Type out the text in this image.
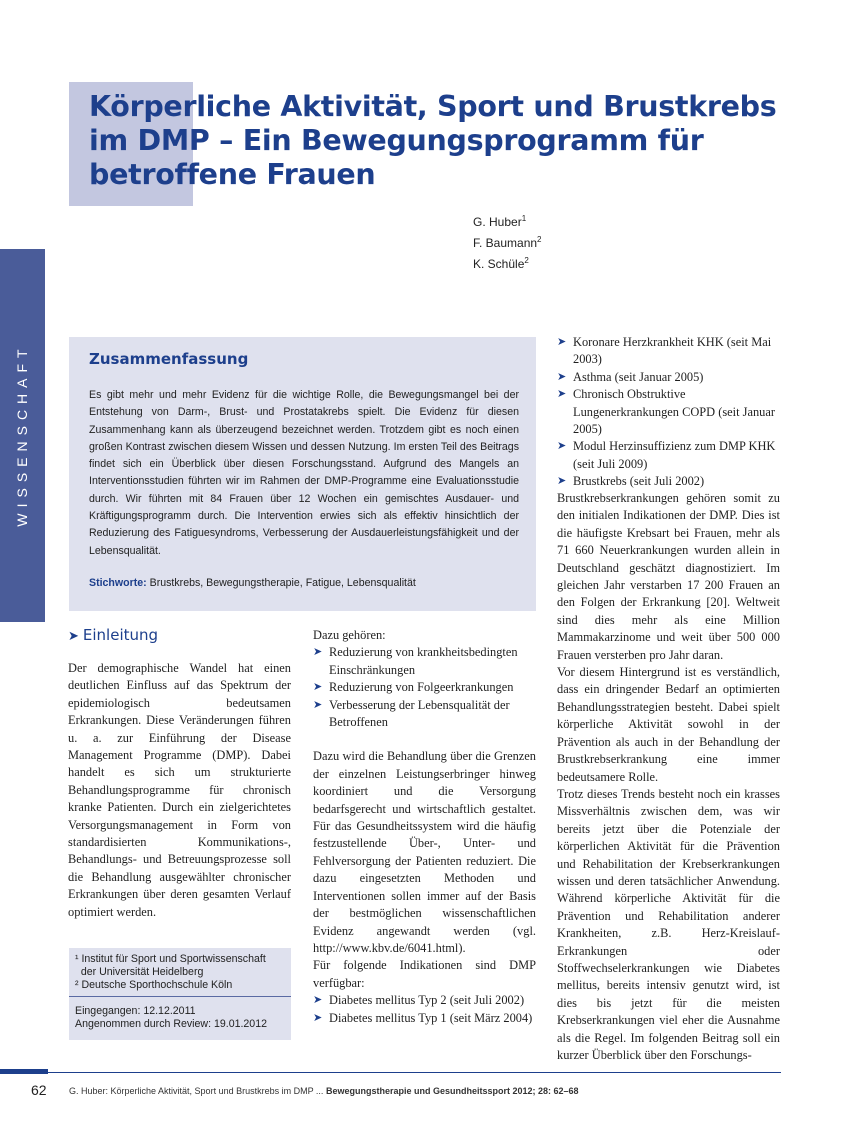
Körperliche Aktivität, Sport und Brustkrebs im DMP – Ein Bewegungsprogramm für betroffene Frauen
G. Huber$^1$
F. Baumann$^2$
K. Schüle$^2$
WISSENSCHAFT	Zusammenfassung

Es gibt mehr und mehr Evidenz für die wichtige Rolle, die Bewegungsmangel bei der Entstehung von Darm-, Brust- und Prostatakrebs spielt. Die Evidenz für diesen Zusammenhang kann als überzeugend bezeichnet werden. Trotzdem gibt es noch einen großen Kontrast zwischen diesem Wissen und dessen Nutzung. Im ersten Teil des Beitrags findet sich ein Überblick über diesen Forschungsstand. Aufgrund des Mangels an Interventionsstudien führten wir im Rahmen der DMP-Programme eine Evaluationsstudie durch. Wir führten mit 84 Frauen über 12 Wochen ein gemischtes Ausdauer- und Kräftigungsprogramm durch. Die Intervention erwies sich als effektiv hinsichtlich der Reduzierung des Fatiguesyndroms, Verbesserung der Ausdauerleistungsfähigkeit und der Lebensqualität.

Stichworte: Brustkrebs, Bewegungstherapie, Fatigue, Lebensqualität
➤ Koronare Herzkrankheit KHK (seit Mai 2003)
➤ Asthma (seit Januar 2005)
➤ Chronisch Obstruktive Lungenerkrankungen COPD (seit Januar 2005)
➤ Modul Herzinsuffizienz zum DMP KHK (seit Juli 2009)
➤ Brustkrebs (seit Juli 2002)
➤ Einleitung

Der demographische Wandel hat einen deutlichen Einfluss auf das Spektrum der epidemiologisch bedeutsamen Erkrankungen. Diese Veränderungen führen u. a. zur Einführung der Disease Management Programme (DMP). Dabei handelt es sich um strukturierte Behandlungsprogramme für chronisch kranke Patienten. Durch ein zielgerichtetes Versorgungsmanagement in Form von standardisierten Kommunikations-, Behandlungs- und Betreuungsprozesse soll die Behandlung ausgewählter chronischer Erkrankungen über deren gesamten Verlauf optimiert werden.

¹ Institut für Sport und Sportwissenschaft
der Universität Heidelberg
² Deutsche Sporthochschule Köln
Eingegangen: 12.12.2011
Angenommen durch Review: 19.01.2012

Dazu gehören:

➤ Reduzierung von krankheitsbedingten Einschränkungen
➤ Reduzierung von Folgeerkrankungen
➤ Verbesserung der Lebensqualität der Betroffenen

Dazu wird die Behandlung über die Grenzen der einzelnen Leistungserbringer hinweg koordiniert und die Versorgung bedarfsgerecht und wirtschaftlich gestaltet. Für das Gesundheitssystem wird die häufig festzustellende Über-, Unter- und Fehlversorgung der Patienten reduziert. Die dazu eingesetzten Methoden und Interventionen sollen immer auf der Basis der bestmöglichen wissenschaftlichen Evidenz angewandt werden (vgl. http://www.kbv.de/6041.html).

Für folgende Indikationen sind DMP verfügbar:

➤ Diabetes mellitus Typ 2 (seit Juli 2002)
➤ Diabetes mellitus Typ 1 (seit März 2004)

Brustkrebserkrankungen gehören somit zu den initialen Indikationen der DMP. Dies ist die häufigste Krebsart bei Frauen, mehr als 71 660 Neuerkrankungen wurden allein in Deutschland geschätzt diagnostiziert. Im gleichen Jahr verstarben 17 200 Frauen an den Folgen der Erkrankung [20]. Weltweit sind dies mehr als eine Million Mammakarzinome und weit über 500 000 Frauen versterben pro Jahr daran.

Vor diesem Hintergrund ist es verständlich, dass ein dringender Bedarf an optimierten Behandlungsstrategien besteht. Dabei spielt körperliche Aktivität sowohl in der Prävention als auch in der Behandlung der Brustkrebserkrankung eine immer bedeutsamere Rolle.

Trotz dieses Trends besteht noch ein krasses Missverhältnis zwischen dem, was wir bereits jetzt über die Potenziale der körperlichen Aktivität für die Prävention und Rehabilitation der Krebserkrankungen wissen und deren tatsächlicher Anwendung. Während körperliche Aktivität für die Prävention und Rehabilitation anderer Krankheiten, z.B. Herz-Kreislauf-Erkrankungen oder Stoffwechselerkrankungen wie Diabetes mellitus, bereits intensiv genutzt wird, ist dies bis jetzt für die meisten Krebserkrankungen viel eher die Ausnahme als die Regel. Im folgenden Beitrag soll ein kurzer Überblick über den Forschungs-

62 G. Huber: Körperliche Aktivität, Sport und Brustkrebs im DMP ... Bewegungstherapie und Gesundheitssport 2012; 28: 62–68
